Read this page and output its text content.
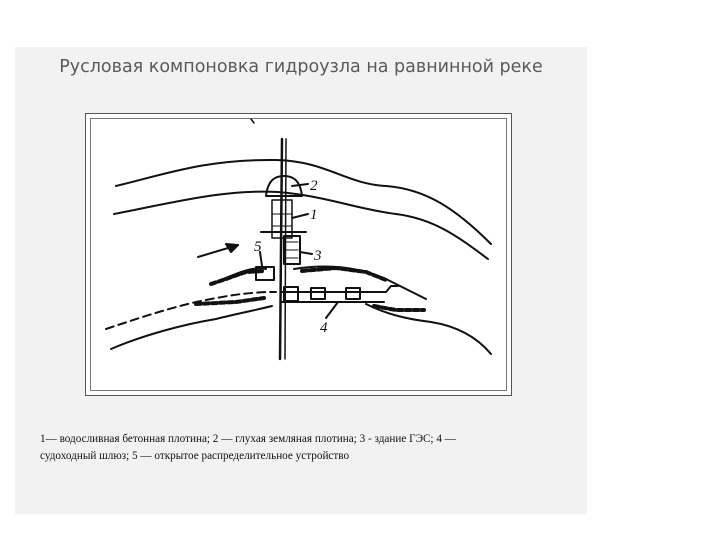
Русловая компоновка гидроузла на равнинной реке
2
1
3
5
4

1— водосливная бетонная плотина; 2 — глухая земляная плотина; 3 - здание ГЭС; 4 —
судоходный шлюз; 5 — открытое распределительное устройство
